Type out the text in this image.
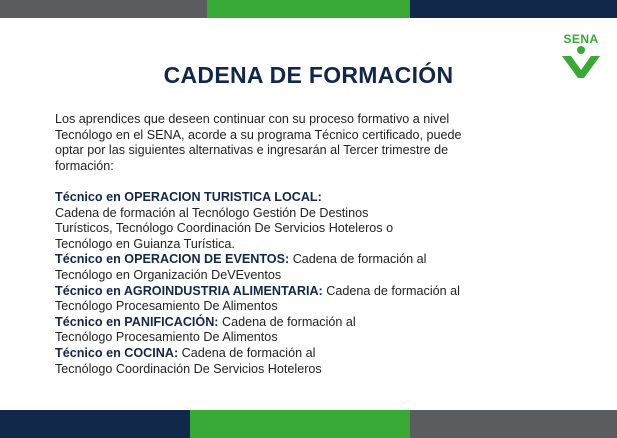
SENA
CADENA DE FORMACIÓN

Los aprendices que deseen continuar con su proceso formativo a nivel
Tecnólogo en el SENA, acorde a su programa Técnico certificado, puede
optar por las siguientes alternativas e ingresarán al Tercer trimestre de
formación:

Técnico en OPERACION TURISTICA LOCAL:
Cadena de formación al Tecnólogo Gestión De Destinos
Turísticos, Tecnólogo Coordinación De Servicios Hoteleros o
Tecnólogo en Guianza Turística.

Técnico en OPERACION DE EVENTOS: Cadena de formación al
Tecnólogo en Organización DeVEventos

Técnico en AGROINDUSTRIA ALIMENTARIA: Cadena de formación al
Tecnólogo Procesamiento De Alimentos

Técnico en PANIFICACIÓN: Cadena de formación al
Tecnólogo Procesamiento De Alimentos

Técnico en COCINA: Cadena de formación al
Tecnólogo Coordinación De Servicios Hoteleros
